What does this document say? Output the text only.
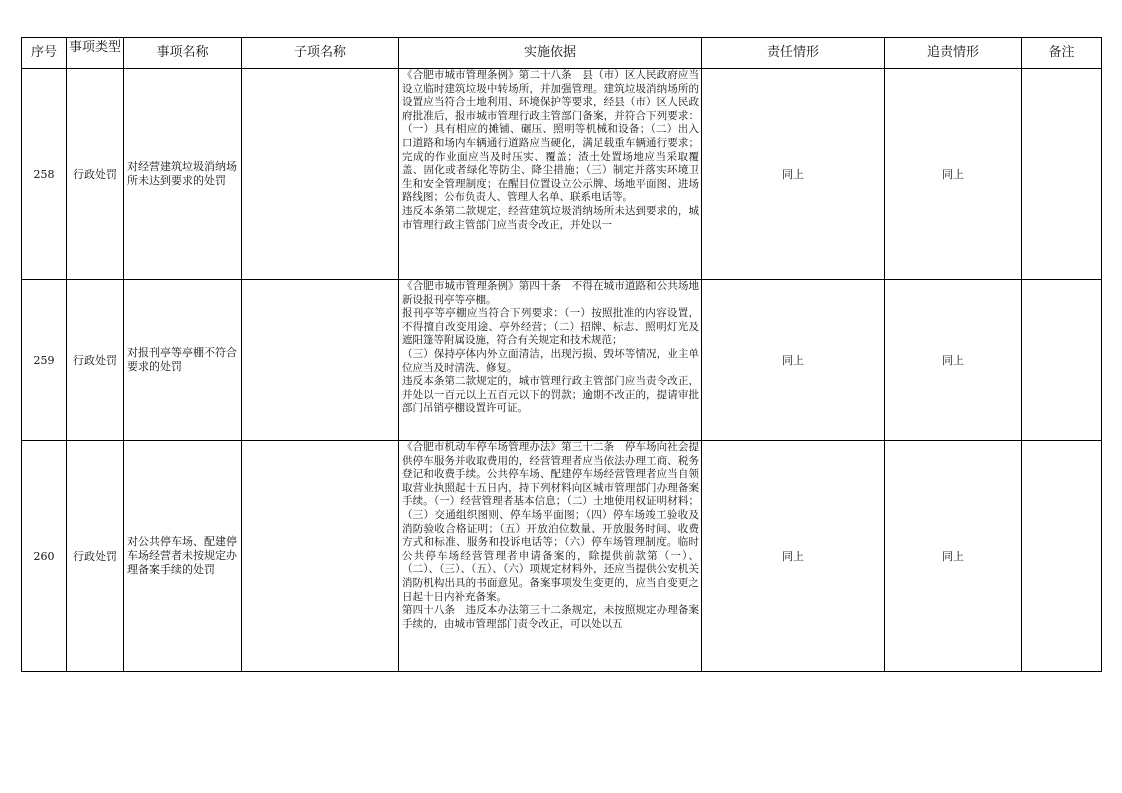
序号	事项类型	事项名称	子项名称	实施依据	责任情形	追责情形	备注

258	行政处罚	对经营建筑垃圾消纳场所未达到要求的处罚		《合肥市城市管理条例》第二十八条　县（市）区人民政府应当设立临时建筑垃圾中转场所，并加强管理。建筑垃圾消纳场所的设置应当符合土地利用、环境保护等要求，经县（市）区人民政府批准后，报市城市管理行政主管部门备案，并符合下列要求：（一）具有相应的摊铺、碾压、照明等机械和设备；（二）出入口道路和场内车辆通行道路应当硬化，满足载重车辆通行要求；完成的作业面应当及时压实、覆盖；渣土处置场地应当采取覆盖、固化或者绿化等防尘、降尘措施；（三）制定并落实环境卫生和安全管理制度；在醒目位置设立公示牌、场地平面图、进场路线图；公布负责人、管理人名单、联系电话等。

违反本条第二款规定，经营建筑垃圾消纳场所未达到要求的，城市管理行政主管部门应当责令改正，并处以一	同上	同上	
259	行政处罚	对报刊亭等亭棚不符合要求的处罚		《合肥市城市管理条例》第四十条　不得在城市道路和公共场地新设报刊亭等亭棚。

报刊亭等亭棚应当符合下列要求：（一）按照批准的内容设置，不得擅自改变用途、亭外经营；（二）招牌、标志、照明灯光及遮阳篷等附属设施，符合有关规定和技术规范；

（三）保持亭体内外立面清洁，出现污损、毁坏等情况，业主单位应当及时清洗、修复。

违反本条第二款规定的，城市管理行政主管部门应当责令改正，并处以一百元以上五百元以下的罚款；逾期不改正的，提请审批部门吊销亭棚设置许可证。	同上	同上	
260	行政处罚	对公共停车场、配建停车场经营者未按规定办理备案手续的处罚		《合肥市机动车停车场管理办法》第三十二条　停车场向社会提供停车服务并收取费用的，经营管理者应当依法办理工商、税务登记和收费手续。公共停车场、配建停车场经营管理者应当自领取营业执照起十五日内，持下列材料向区城市管理部门办理备案手续。（一）经营管理者基本信息；（二）土地使用权证明材料；（三）交通组织图则、停车场平面图；（四）停车场竣工验收及消防验收合格证明；（五）开放泊位数量、开放服务时间、收费方式和标准、服务和投诉电话等；（六）停车场管理制度。临时公共停车场经营管理者申请备案的，除提供前款第（一）、（二）、（三）、（五）、（六）项规定材料外，还应当提供公安机关消防机构出具的书面意见。备案事项发生变更的，应当自变更之日起十日内补充备案。

第四十八条　违反本办法第三十二条规定，未按照规定办理备案手续的，由城市管理部门责令改正，可以处以五	同上	同上	
